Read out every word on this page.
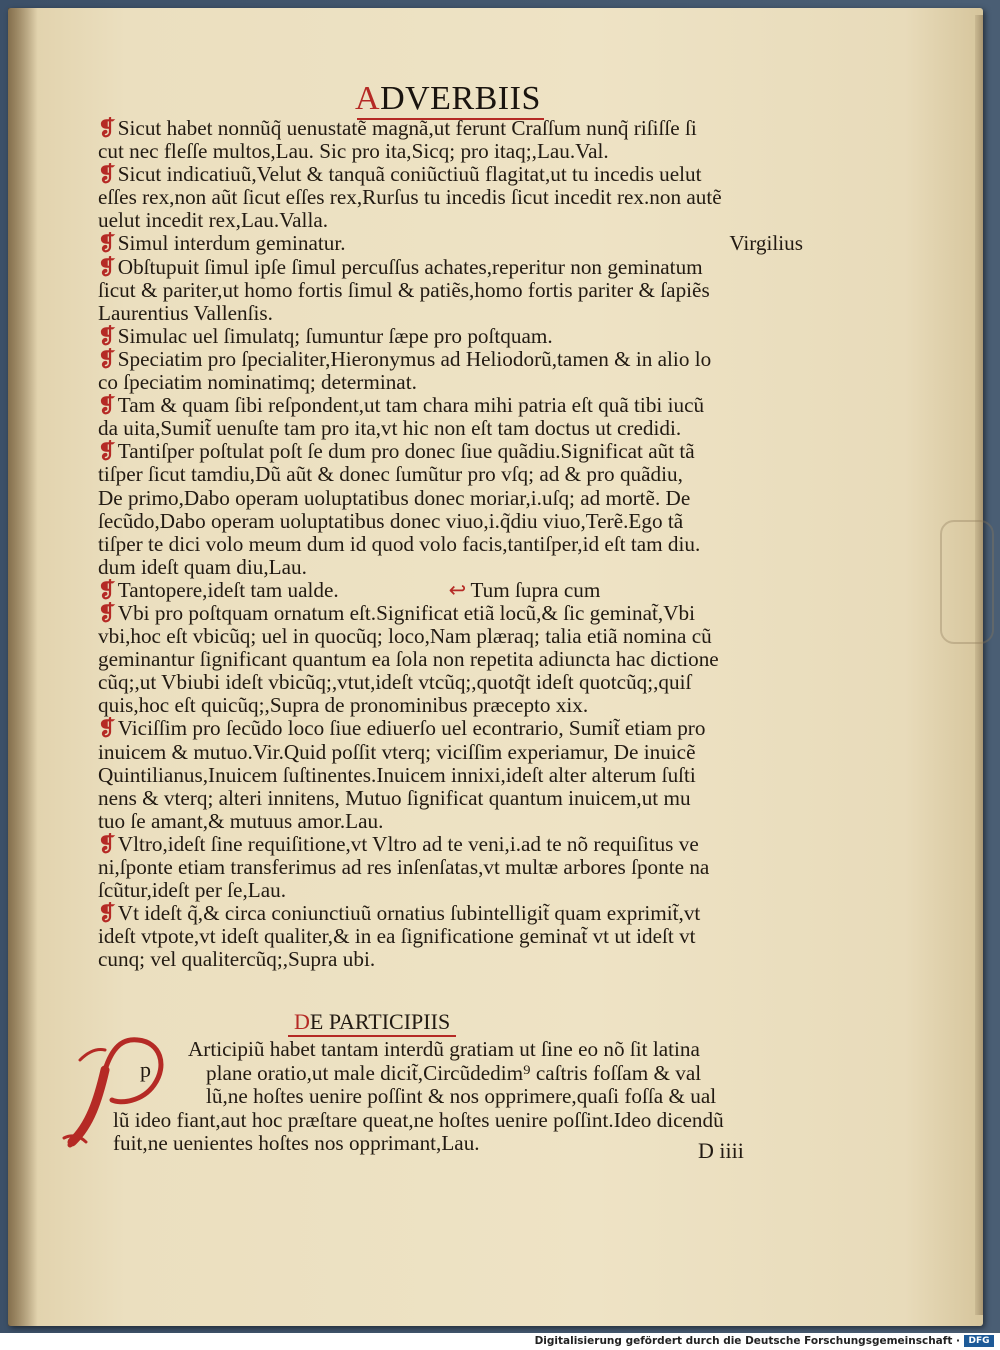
ADVERBIIS
❡Sicut habet nonnũq̃ uenustatẽ magnã,ut ferunt Craſſum nunq̃ riſiſſe ſi
cut nec fleſſe multos,Lau. Sic pro ita,Sicq; pro itaq;,Lau.Val.
❡Sicut indicatiuũ,Velut & tanquã coniũctiuũ flagitat,ut tu incedis uelut
eſſes rex,non aũt ſicut eſſes rex,Rurſus tu incedis ſicut incedit rex.non autẽ
uelut incedit rex,Lau.Valla.
❡Simul interdum geminatur.	Virgilius
❡Obſtupuit ſimul ipſe ſimul percuſſus achates,reperitur non geminatum
ſicut & pariter,ut homo fortis ſimul & patiẽs,homo fortis pariter & ſapiẽs
Laurentius Vallenſis.
❡Simulac uel ſimulatq; ſumuntur ſæpe pro poſtquam.
❡Speciatim pro ſpecialiter,Hieronymus ad Heliodorũ,tamen & in alio lo
co ſpeciatim nominatimq; determinat.
❡Tam & quam ſibi reſpondent,ut tam chara mihi patria eſt quã tibi iucũ
da uita,Sumit̃ uenuſte tam pro ita,vt hic non eſt tam doctus ut credidi.
❡Tantiſper poſtulat poſt ſe dum pro donec ſiue quãdiu.Significat aũt tã
tiſper ſicut tamdiu,Dũ aũt & donec ſumũtur pro vſq; ad & pro quãdiu,
De primo,Dabo operam uoluptatibus donec moriar,i.uſq; ad mortẽ. De
ſecũdo,Dabo operam uoluptatibus donec viuo,i.q̃diu viuo,Terẽ.Ego tã
tiſper te dici volo meum dum id quod volo facis,tantiſper,id eſt tam diu.
dum ideſt quam diu,Lau.
❡Tantopere,ideſt tam ualde.	↩ Tum ſupra cum
❡Vbi pro poſtquam ornatum eſt.Significat etiã locũ,& ſic geminat̃,Vbi
vbi,hoc eſt vbicũq; uel in quocũq; loco,Nam plæraq; talia etiã nomina cũ
geminantur ſignificant quantum ea ſola non repetita adiuncta hac dictione
cũq;,ut Vbiubi ideſt vbicũq;,vtut,ideſt vtcũq;,quotq̃t ideſt quotcũq;,quiſ
quis,hoc eſt quicũq;,Supra de pronominibus præcepto xix.
❡Viciſſim pro ſecũdo loco ſiue ediuerſo uel econtrario, Sumit̃ etiam pro
inuicem & mutuo.Vir.Quid poſſit vterq; viciſſim experiamur, De inuicẽ
Quintilianus,Inuicem ſuſtinentes.Inuicem innixi,ideſt alter alterum ſuſti
nens & vterq; alteri innitens, Mutuo ſignificat quantum inuicem,ut mu
tuo ſe amant,& mutuus amor.Lau.
❡Vltro,ideſt ſine requiſitione,vt Vltro ad te veni,i.ad te nõ requiſitus ve
ni,ſponte etiam transferimus ad res inſenſatas,vt multæ arbores ſponte na
ſcũtur,ideſt per ſe,Lau.
❡Vt ideſt q̃,& circa coniunctiuũ ornatius ſubintelligit̃ quam exprimit̃,vt
ideſt vtpote,vt ideſt qualiter,& in ea ſignificatione geminat̃ vt ut ideſt vt
cunq; vel qualitercũq;,Supra ubi.
DE PARTICIPIIS
p
Articipiũ habet tantam interdũ gratiam ut ſine eo nõ ſit latina
plane oratio,ut male dicit̃,Circũdedim⁹ caſtris foſſam & val
lũ,ne hoſtes uenire poſſint & nos opprimere,quaſi foſſa & ual
lũ ideo fiant,aut hoc præſtare queat,ne hoſtes uenire poſſint.Ideo dicendũ
fuit,ne uenientes hoſtes nos opprimant,Lau.	D iiii
Digitalisierung gefördert durch die Deutsche Forschungsgemeinschaft · DFG
